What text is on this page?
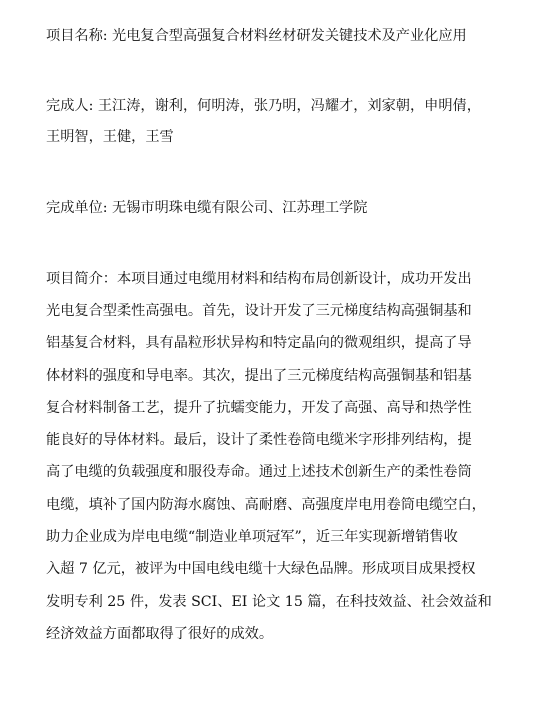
项目名称: 光电复合型高强复合材料丝材研发关键技术及产业化应用

完成人: 王江涛，谢利，何明涛，张乃明，冯耀才，刘家朝，申明倩，

王明智，王健，王雪

完成单位: 无锡市明珠电缆有限公司、江苏理工学院

项目简介：本项目通过电缆用材料和结构布局创新设计，成功开发出
光电复合型柔性高强电。首先，设计开发了三元梯度结构高强铜基和
铝基复合材料，具有晶粒形状异构和特定晶向的微观组织，提高了导
体材料的强度和导电率。其次，提出了三元梯度结构高强铜基和铝基
复合材料制备工艺，提升了抗蠕变能力，开发了高强、高导和热学性
能良好的导体材料。最后，设计了柔性卷筒电缆米字形排列结构，提
高了电缆的负载强度和服役寿命。通过上述技术创新生产的柔性卷筒
电缆，填补了国内防海水腐蚀、高耐磨、高强度岸电用卷筒电缆空白，
助力企业成为岸电电缆“制造业单项冠军”，近三年实现新增销售收
入超 7 亿元，被评为中国电线电缆十大绿色品牌。形成项目成果授权
发明专利 25 件，发表 SCI、EI 论文 15 篇，在科技效益、社会效益和
经济效益方面都取得了很好的成效。
